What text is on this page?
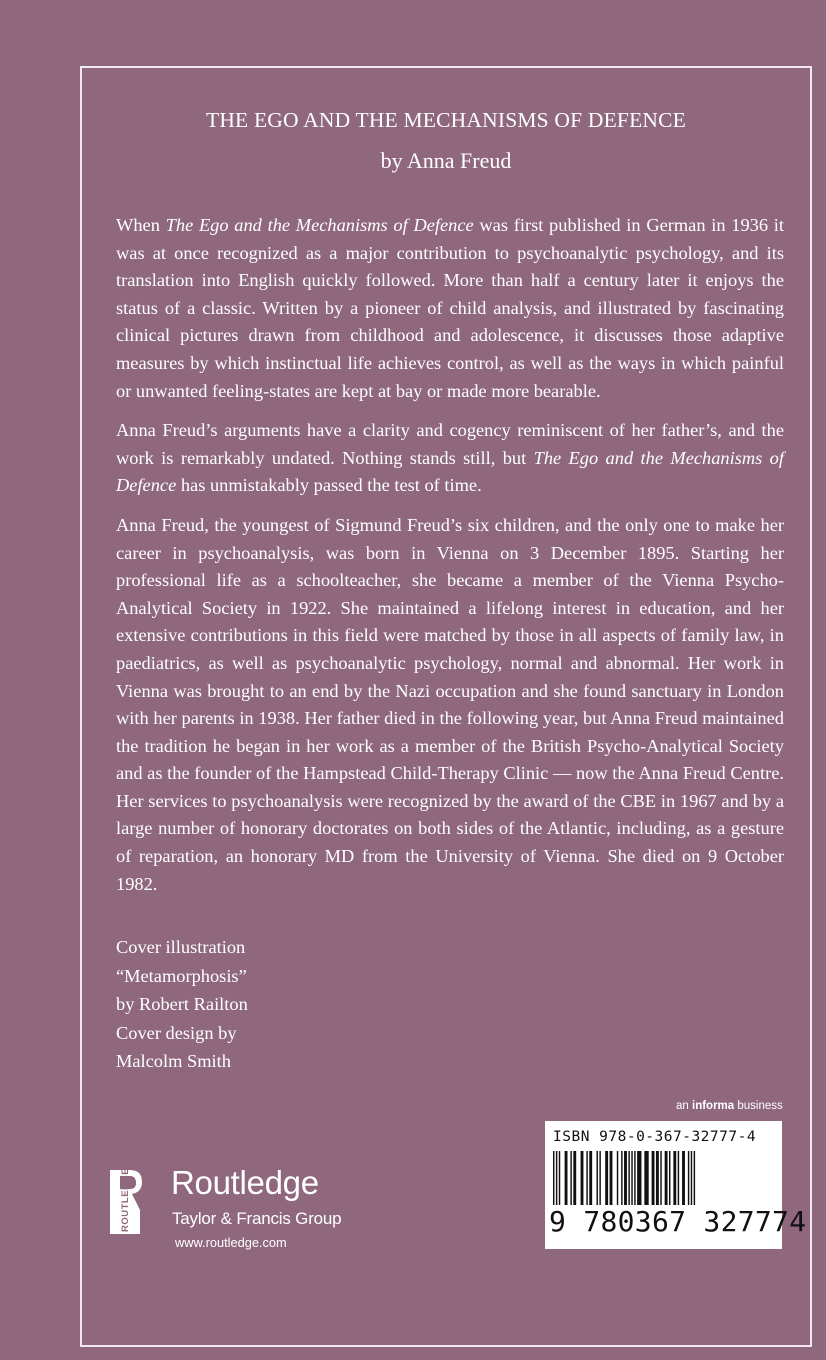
THE EGO AND THE MECHANISMS OF DEFENCE
by Anna Freud

When The Ego and the Mechanisms of Defence was first published in German in 1936 it was at once recognized as a major contribution to psychoanalytic psychology, and its translation into English quickly followed. More than half a century later it enjoys the status of a classic. Written by a pioneer of child analysis, and illustrated by fascinating clinical pictures drawn from childhood and adolescence, it discusses those adaptive measures by which instinctual life achieves control, as well as the ways in which painful or unwanted feeling-states are kept at bay or made more bearable.

Anna Freud’s arguments have a clarity and cogency reminiscent of her father’s, and the work is remarkably undated. Nothing stands still, but The Ego and the Mechanisms of Defence has unmistakably passed the test of time.

Anna Freud, the youngest of Sigmund Freud’s six children, and the only one to make her career in psychoanalysis, was born in Vienna on 3 December 1895. Starting her professional life as a schoolteacher, she became a member of the Vienna Psycho-Analytical Society in 1922. She maintained a lifelong interest in education, and her extensive contributions in this field were matched by those in all aspects of family law, in paediatrics, as well as psychoanalytic psychology, normal and abnormal. Her work in Vienna was brought to an end by the Nazi occupation and she found sanctuary in London with her parents in 1938. Her father died in the following year, but Anna Freud maintained the tradition he began in her work as a member of the British Psycho-Analytical Society and as the founder of the Hampstead Child-Therapy Clinic — now the Anna Freud Centre. Her services to psychoanalysis were recognized by the award of the CBE in 1967 and by a large number of honorary doctorates on both sides of the Atlantic, including, as a gesture of reparation, an honorary MD from the University of Vienna. She died on 9 October 1982.

Cover illustration
“Metamorphosis”
by Robert Railton
Cover design by
Malcolm Smith
an informa business
ISBN 978-0-367-32777-4
9 780367 327774
ROUTLEDGE Routledge
Taylor & Francis Group
www.routledge.com
